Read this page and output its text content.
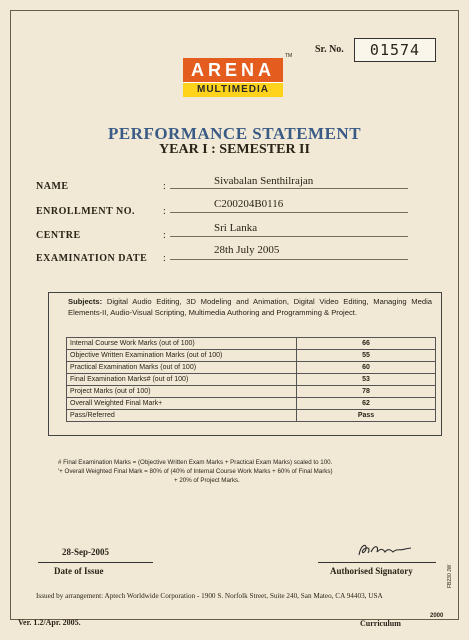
Sr. No.	01574
ARENA
MULTIMEDIA
TM
PERFORMANCE STATEMENT
YEAR I : SEMESTER II
NAME	:	Sivabalan Senthilrajan
ENROLLMENT NO.	:
C200204B0116
CENTRE	:
Sri Lanka
EXAMINATION DATE :
28th July 2005
Subjects: Digital Audio Editing, 3D Modeling and Animation, Digital Video Editing, Managing Media Elements-II, Audio-Visual Scripting, Multimedia Authoring and Programming & Project.
Internal Course Work Marks (out of 100)	66
Objective Written Examination Marks (out of 100)	55
Practical Examination Marks (out of 100)	60
Final Examination Marks# (out of 100)	53
Project Marks (out of 100)	78
Overall Weighted Final Mark+	62
Pass/Referred	Pass
# Final Examination Marks = (Objective Written Exam Marks + Practical Exam Marks) scaled to 100.
'+ Overall Weighted Final Mark = 80% of (40% of Internal Course Work Marks + 60% of Final Marks)
+ 20% of Project Marks.
28-Sep-2005
Date of Issue	Authorised Signatory
Issued by arrangement: Aptech Worldwide Corporation - 1900 S. Norfolk Street, Suite 240, San Mateo, CA 94403, USA
FB230 JW
2000
Ver. 1.2/Apr. 2005.	Curriculum
